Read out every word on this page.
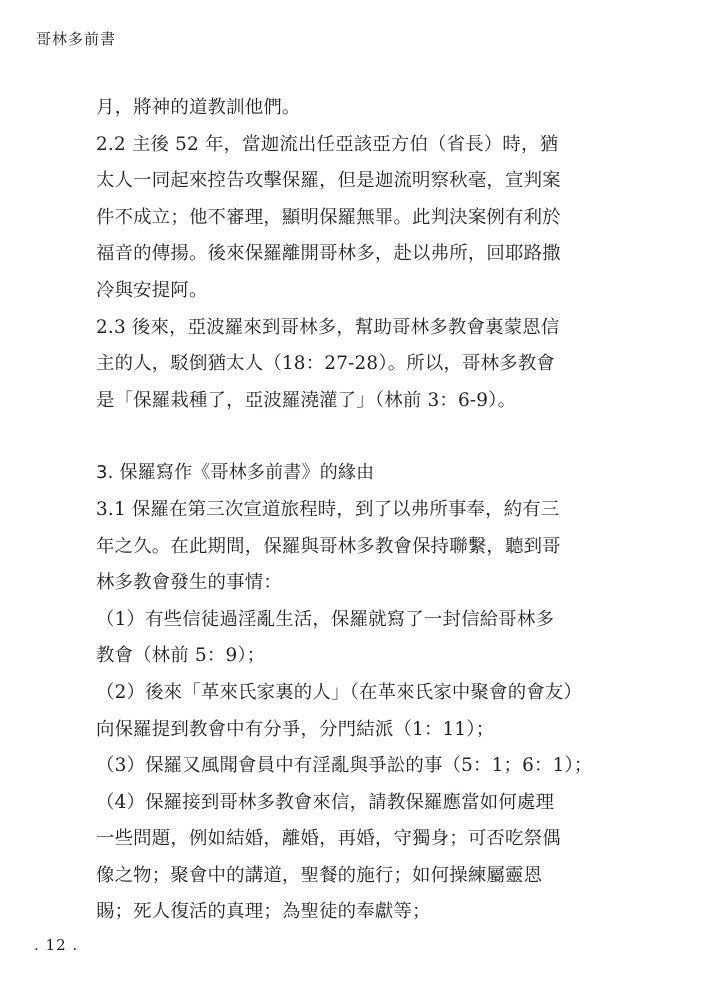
哥林多前書
月，將神的道教訓他們。
2.2 主後 52 年，當迦流出任亞該亞方伯（省長）時，猶
太人一同起來控告攻擊保羅，但是迦流明察秋毫，宣判案
件不成立；他不審理，顯明保羅無罪。此判決案例有利於
福音的傳揚。後來保羅離開哥林多，赴以弗所，回耶路撒
冷與安提阿。
2.3 後來，亞波羅來到哥林多，幫助哥林多教會裏蒙恩信
主的人，駁倒猶太人（18：27-28）。所以，哥林多教會
是「保羅栽種了，亞波羅澆灌了」（林前 3：6-9）。
3. 保羅寫作《哥林多前書》的緣由
3.1 保羅在第三次宣道旅程時，到了以弗所事奉，約有三
年之久。在此期間，保羅與哥林多教會保持聯繫，聽到哥
林多教會發生的事情：
（1）有些信徒過淫亂生活，保羅就寫了一封信給哥林多
教會（林前 5：9）；
（2）後來「革來氏家裏的人」（在革來氏家中聚會的會友）
向保羅提到教會中有分爭，分門結派（1：11）；
（3）保羅又風聞會員中有淫亂與爭訟的事（5：1；6：1）；
（4）保羅接到哥林多教會來信，請教保羅應當如何處理
一些問題，例如結婚，離婚，再婚，守獨身；可否吃祭偶
像之物；聚會中的講道，聖餐的施行；如何操練屬靈恩
賜；死人復活的真理；為聖徒的奉獻等；
. 12 .
